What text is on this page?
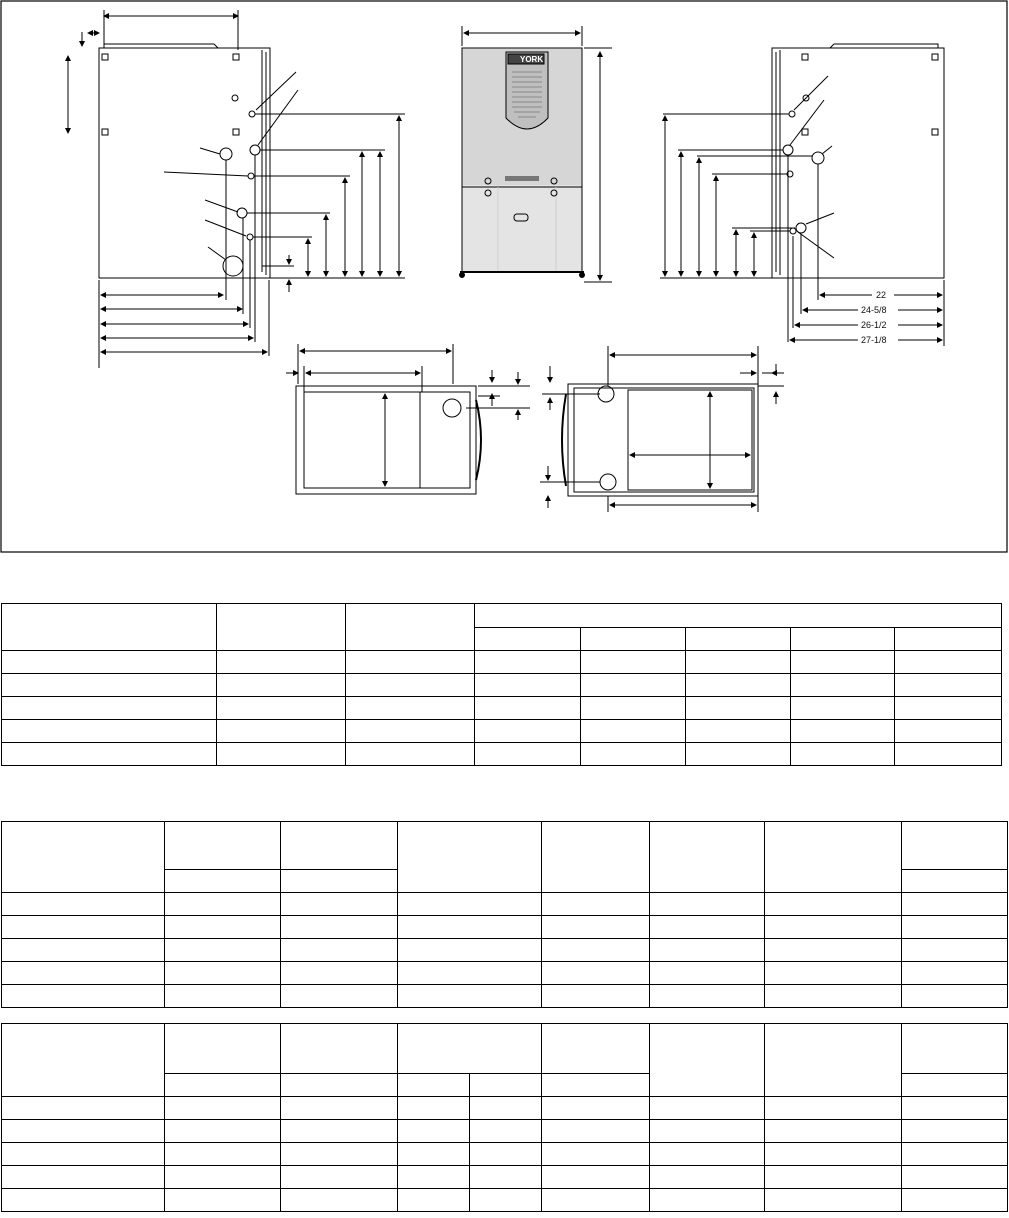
YORK
22
24-5/8
26-1/2
27-1/8
